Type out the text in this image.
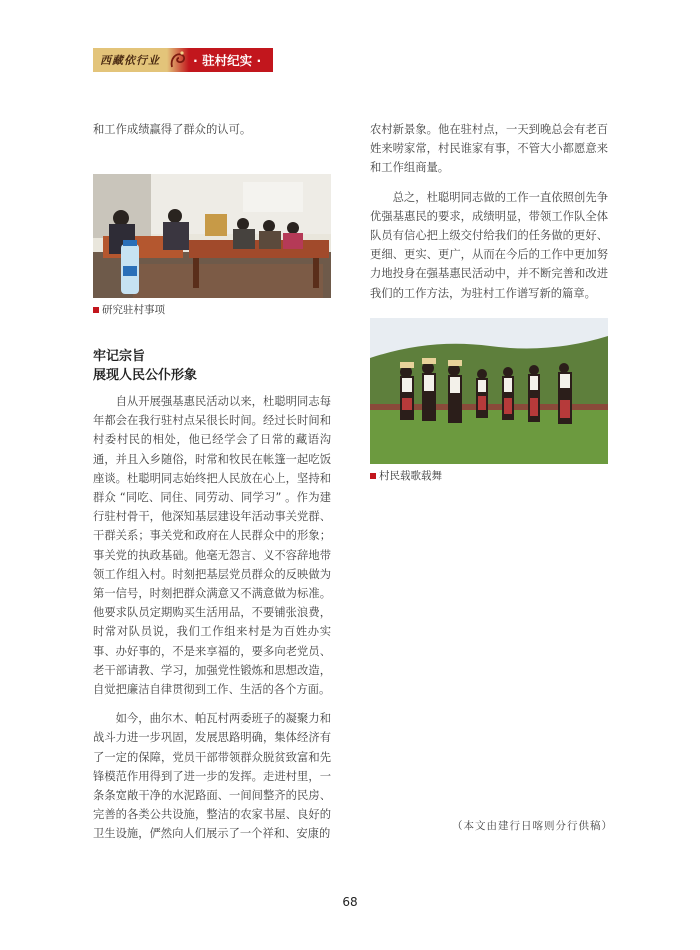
西藏依行业	· 驻村纪实 ·

和工作成绩赢得了群众的认可。

研究驻村事项
牢记宗旨
展现人民公仆形象

自从开展强基惠民活动以来，杜聪明同志每年都会在我行驻村点呆很长时间。经过长时间和村委村民的相处，他已经学会了日常的藏语沟通，并且入乡随俗，时常和牧民在帐篷一起吃饭座谈。杜聪明同志始终把人民放在心上，坚持和群众 “同吃、同住、同劳动、同学习” 。作为建行驻村骨干，他深知基层建设年活动事关党群、干群关系；事关党和政府在人民群众中的形象；事关党的执政基础。他毫无怨言、义不容辞地带领工作组入村。时刻把基层党员群众的反映做为第一信号，时刻把群众满意又不满意做为标准。他要求队员定期购买生活用品，不要铺张浪费，时常对队员说，我们工作组来村是为百姓办实事、办好事的，不是来享福的，要多向老党员、老干部请教、学习，加强党性锻炼和思想改造，自觉把廉洁自律贯彻到工作、生活的各个方面。

如今，曲尔木、帕瓦村两委班子的凝聚力和战斗力进一步巩固，发展思路明确，集体经济有了一定的保障，党员干部带领群众脱贫致富和先锋模范作用得到了进一步的发挥。走进村里，一条条宽敞干净的水泥路面、一间间整齐的民房、完善的各类公共设施，整洁的农家书屋、良好的卫生设施，俨然向人们展示了一个祥和、安康的

农村新景象。他在驻村点，一天到晚总会有老百姓来唠家常，村民谁家有事，不管大小都愿意来和工作组商量。

总之，杜聪明同志做的工作一直依照创先争优强基惠民的要求，成绩明显，带领工作队全体队员有信心把上级交付给我们的任务做的更好、更细、更实、更广，从而在今后的工作中更加努力地投身在强基惠民活动中，并不断完善和改进我们的工作方法，为驻村工作谱写新的篇章。

村民载歌载舞
（本文由建行日喀则分行供稿）
68
